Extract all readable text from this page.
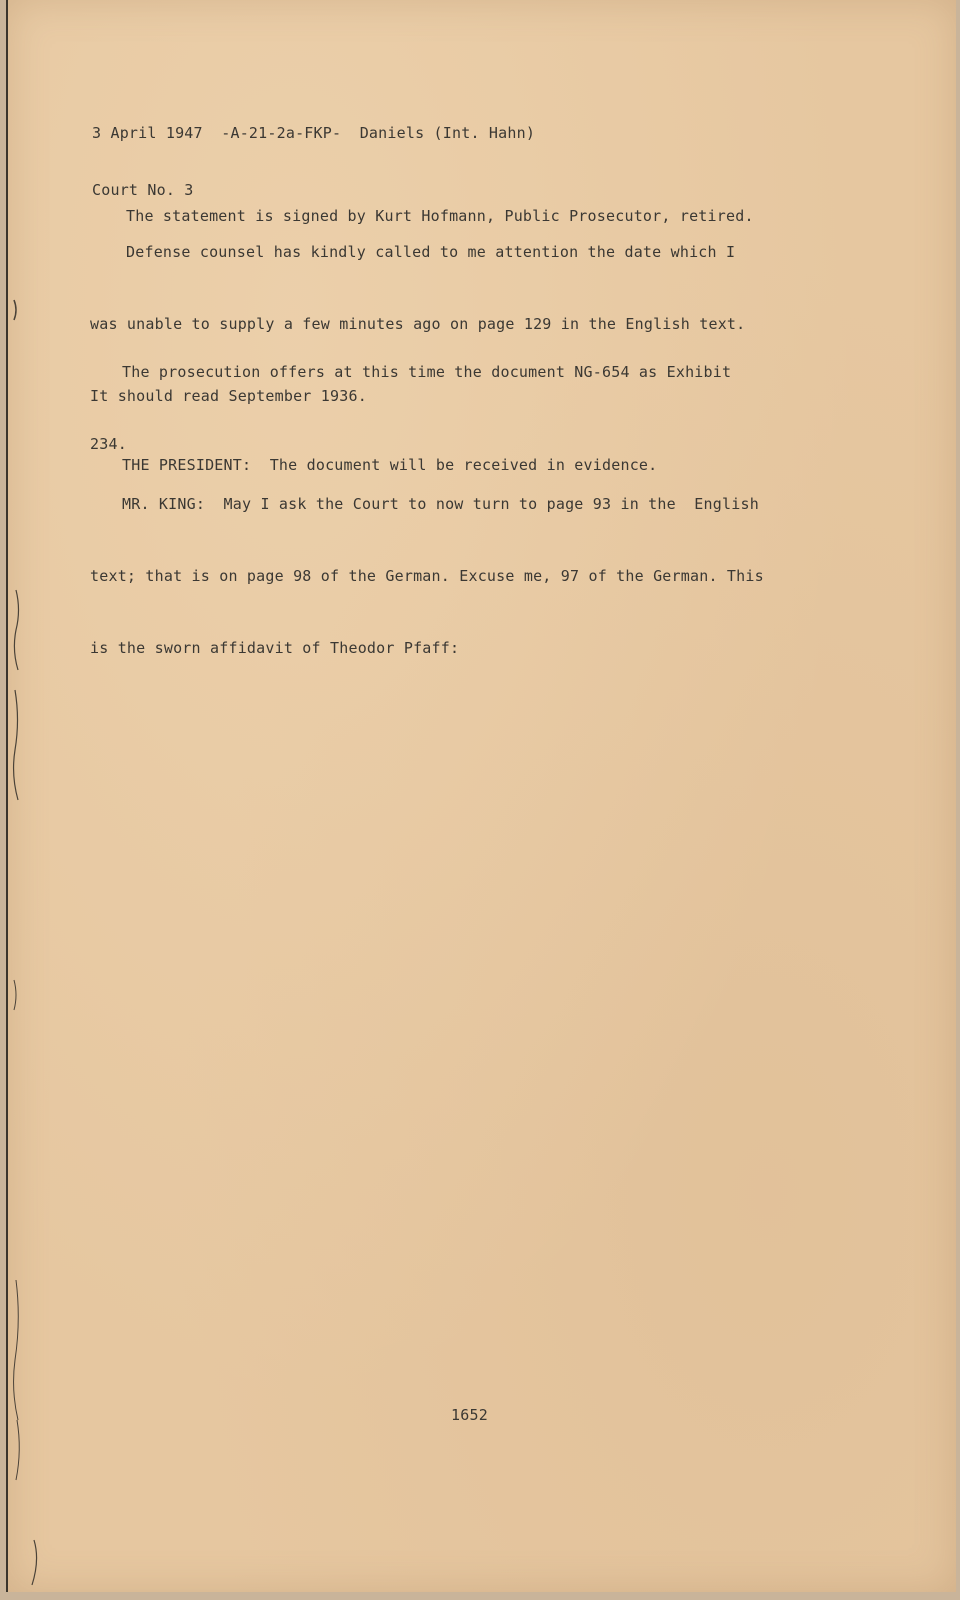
3 April 1947  -A-21-2a-FKP-  Daniels (Int. Hahn)

Court No. 3

The statement is signed by Kurt Hofmann, Public Prosecutor, retired.

Defense counsel has kindly called to me attention the date which I

was unable to supply a few minutes ago on page 129 in the English text.

It should read September 1936.

The prosecution offers at this time the document NG-654 as Exhibit

234.

THE PRESIDENT:  The document will be received in evidence.

MR. KING:  May I ask the Court to now turn to page 93 in the  English

text; that is on page 98 of the German. Excuse me, 97 of the German. This

is the sworn affidavit of Theodor Pfaff:

1652
